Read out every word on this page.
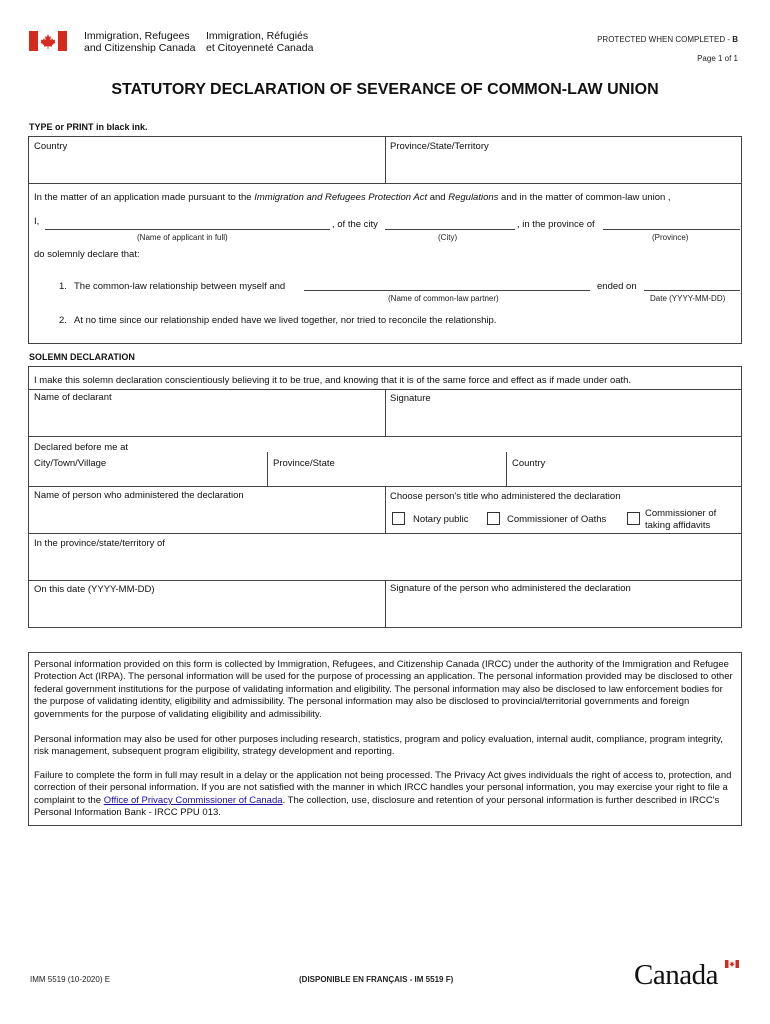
Immigration, Refugees
and Citizenship Canada
Immigration, Réfugiés
et Citoyenneté Canada
PROTECTED WHEN COMPLETED - B
Page 1 of 1
STATUTORY DECLARATION OF SEVERANCE OF COMMON-LAW UNION
TYPE or PRINT in black ink.
Country	Province/State/Territory
In the matter of an application made pursuant to the Immigration and Refugees Protection Act and Regulations and in the matter of common-law union ,
I,	, of the city	, in the province of
(Name of applicant in full)	(City)	(Province)
do solemnly declare that:
1. The common-law relationship between myself and	ended on
(Name of common-law partner)	Date (YYYY-MM-DD)
2. At no time since our relationship ended have we lived together, nor tried to reconcile the relationship.
SOLEMN DECLARATION
I make this solemn declaration conscientiously believing it to be true, and knowing that it is of the same force and effect as if made under oath.
Name of declarant	Signature
Declared before me at
City/Town/Village	Province/State	Country
Name of person who administered the declaration	Choose person's title who administered the declaration
Notary public	Commissioner of Oaths
Commissioner of
taking affidavits
In the province/state/territory of
On this date (YYYY-MM-DD)	Signature of the person who administered the declaration
Personal information provided on this form is collected by Immigration, Refugees, and Citizenship Canada (IRCC) under the authority of the Immigration and Refugee Protection Act (IRPA). The personal information will be used for the purpose of processing an application. The personal information provided may be disclosed to other federal government institutions for the purpose of validating information and eligibility. The personal information may also be disclosed to law enforcement bodies for the purpose of validating identity, eligibility and admissibility. The personal information may also be disclosed to provincial/territorial governments and foreign governments for the purpose of validating eligibility and admissibility.
Personal information may also be used for other purposes including research, statistics, program and policy evaluation, internal audit, compliance, program integrity, risk management, subsequent program eligibility, strategy development and reporting.
Failure to complete the form in full may result in a delay or the application not being processed. The Privacy Act gives individuals the right of access to, protection, and correction of their personal information. If you are not satisfied with the manner in which IRCC handles your personal information, you may exercise your right to file a complaint to the Office of Privacy Commissioner of Canada. The collection, use, disclosure and retention of your personal information is further described in IRCC's Personal Information Bank - IRCC PPU 013.
IMM 5519 (10-2020) E	(DISPONIBLE EN FRANÇAIS - IM 5519 F)	Canada
